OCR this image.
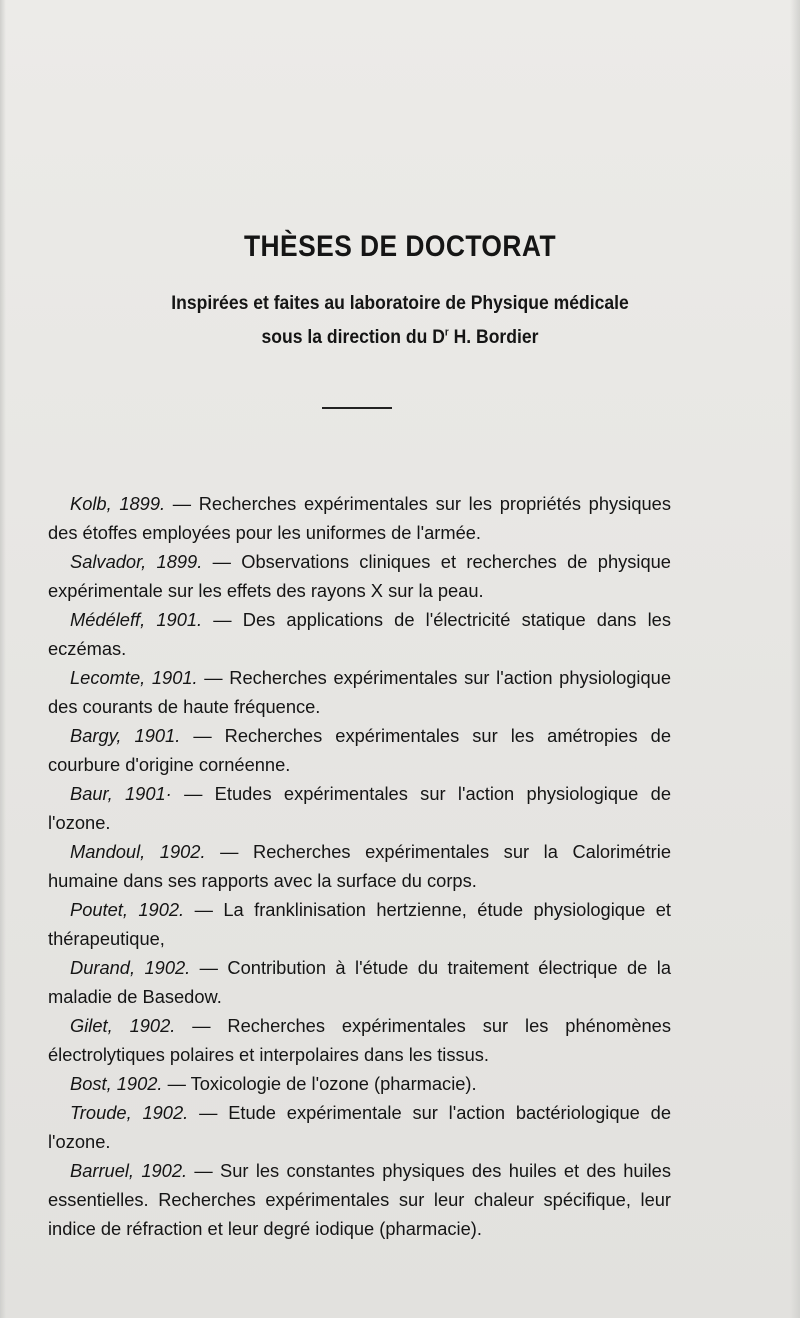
THÈSES DE DOCTORAT
Inspirées et faites au laboratoire de Physique médicale
sous la direction du $D^r$ H. Bordier

Kolb, 1899. — Recherches expérimentales sur les propriétés physiques des étoffes employées pour les uniformes de l'armée.

Salvador, 1899. — Observations cliniques et recherches de physique expérimentale sur les effets des rayons X sur la peau.

Médéleff, 1901. — Des applications de l'électricité statique dans les eczémas.

Lecomte, 1901. — Recherches expérimentales sur l'action physiologique des courants de haute fréquence.

Bargy, 1901. — Recherches expérimentales sur les amétropies de courbure d'origine cornéenne.

Baur, 1901· — Etudes expérimentales sur l'action physiologique de l'ozone.

Mandoul, 1902. — Recherches expérimentales sur la Calorimétrie humaine dans ses rapports avec la surface du corps.

Poutet, 1902. — La franklinisation hertzienne, étude physiologique et thérapeutique,

Durand, 1902. — Contribution à l'étude du traitement électrique de la maladie de Basedow.

Gilet, 1902. — Recherches expérimentales sur les phénomènes électrolytiques polaires et interpolaires dans les tissus.

Bost, 1902. — Toxicologie de l'ozone (pharmacie).

Troude, 1902. — Etude expérimentale sur l'action bactériologique de l'ozone.

Barruel, 1902. — Sur les constantes physiques des huiles et des huiles essentielles. Recherches expérimentales sur leur chaleur spécifique, leur indice de réfraction et leur degré iodique (pharmacie).
